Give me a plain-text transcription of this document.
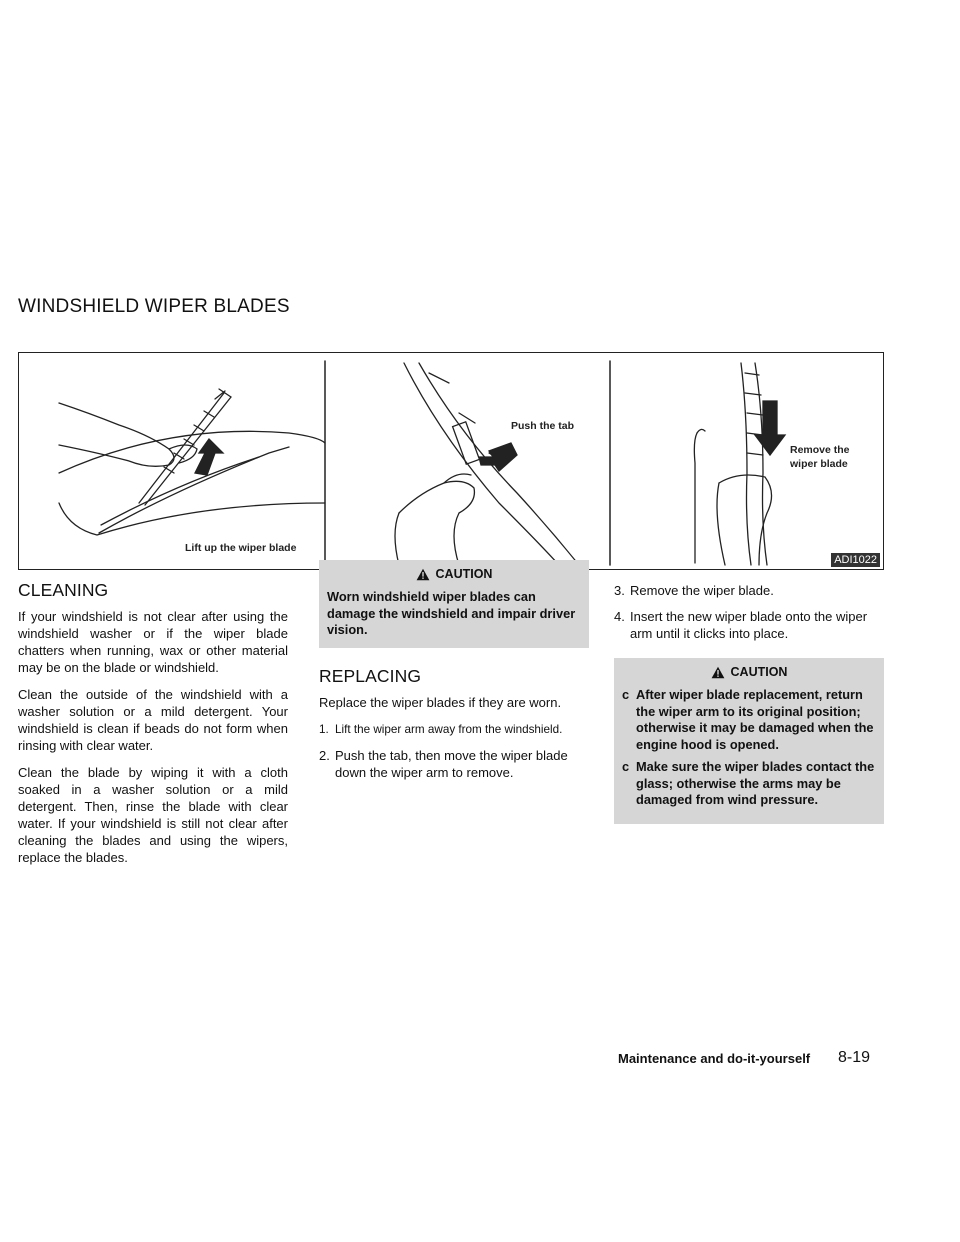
WINDSHIELD WIPER BLADES
Lift up the wiper blade
Push the tab
Remove the
wiper blade
ADI1022
CLEANING

If your windshield is not clear after using the windshield washer or if the wiper blade chatters when running, wax or other material may be on the blade or windshield.

Clean the outside of the windshield with a washer solution or a mild detergent. Your windshield is clean if beads do not form when rinsing with clear water.

Clean the blade by wiping it with a cloth soaked in a washer solution or a mild detergent. Then, rinse the blade with clear water. If your windshield is still not clear after cleaning the blades and using the wipers, replace the blades.

CAUTION
Worn windshield wiper blades can damage the windshield and impair driver vision.
REPLACING

Replace the wiper blades if they are worn.

1. Lift the wiper arm away from the windshield.
2. Push the tab, then move the wiper blade down the wiper arm to remove.
3. Remove the wiper blade.
4. Insert the new wiper blade onto the wiper arm until it clicks into place.
CAUTION
c After wiper blade replacement, return the wiper arm to its original position; otherwise it may be damaged when the engine hood is opened.
c Make sure the wiper blades contact the glass; otherwise the arms may be damaged from wind pressure.
Maintenance and do-it-yourself 8-19
